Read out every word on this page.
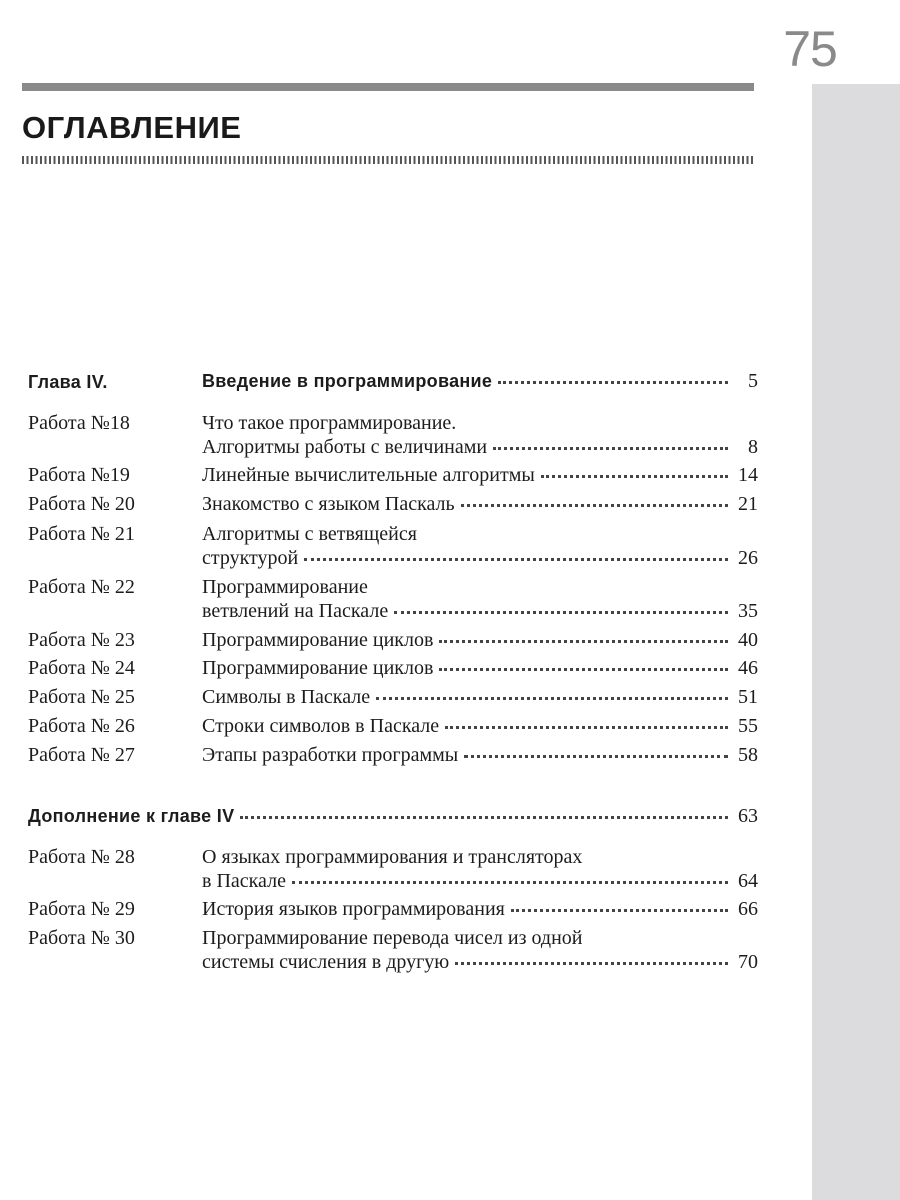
75
ОГЛАВЛЕНИЕ
Глава IV.	Введение в программирование	5
Работа №18	Что такое программирование.
Алгоритмы работы с величинами	8
Работа №19	Линейные вычислительные алгоритмы	14
Работа № 20	Знакомство с языком Паскаль	21
Работа № 21	Алгоритмы с ветвящейся
структурой	26
Работа № 22	Программирование
ветвлений на Паскале	35
Работа № 23	Программирование циклов	40
Работа № 24	Программирование циклов	46
Работа № 25	Символы в Паскале	51
Работа № 26	Строки символов в Паскале	55
Работа № 27	Этапы разработки программы	58
Дополнение к главе IV	63
Работа № 28	О языках программирования и трансляторах
в Паскале	64
Работа № 29	История языков программирования	66
Работа № 30	Программирование перевода чисел из одной
системы счисления в другую	70
